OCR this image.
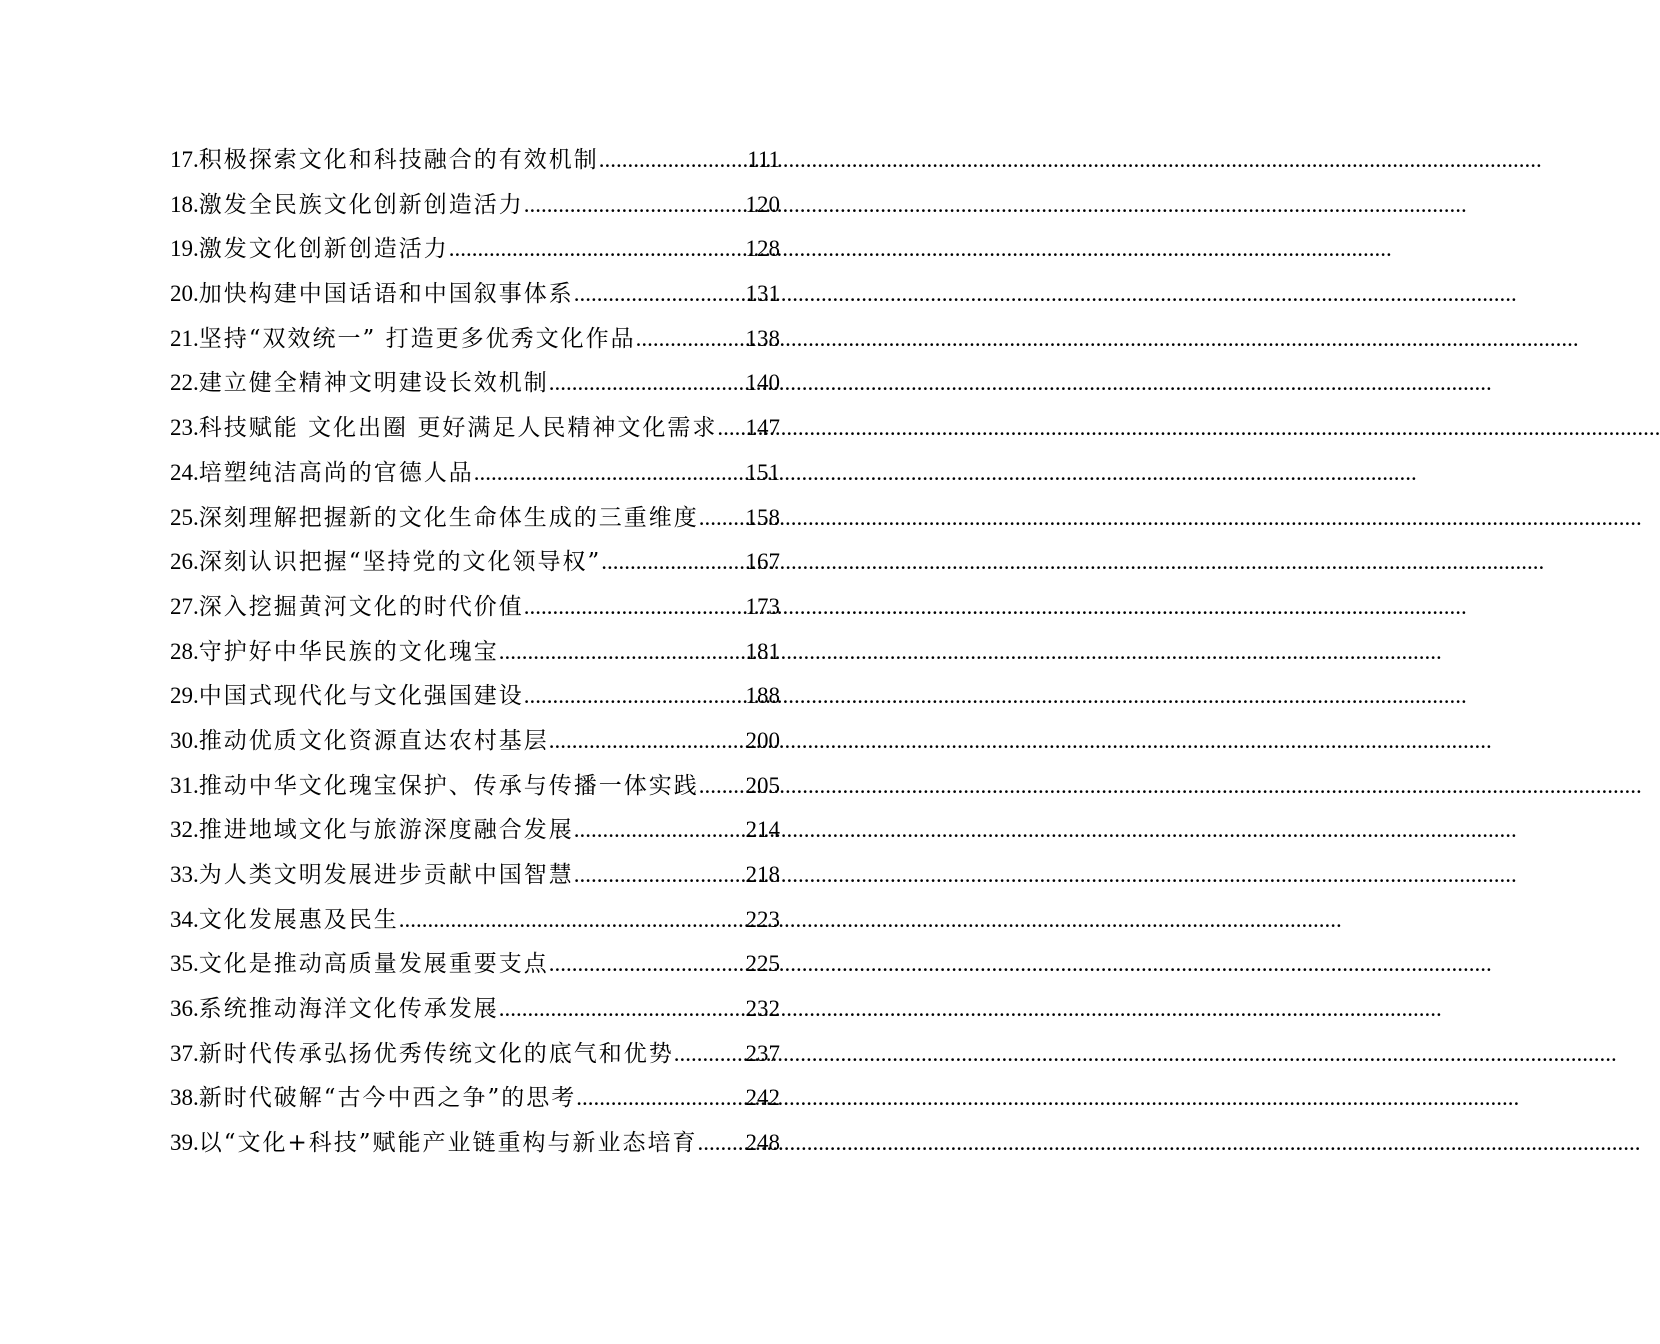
17. 积极探索文化和科技融合的有效机制 .....	111
18. 激发全民族文化创新创造活力 .....	120
19. 激发文化创新创造活力 .....	128
20. 加快构建中国话语和中国叙事体系 .....	131
21. 坚持“双效统一” 打造更多优秀文化作品 .....	138
22. 建立健全精神文明建设长效机制 .....	140
23. 科技赋能 文化出圈 更好满足人民精神文化需求 ..... 147
24. 培塑纯洁高尚的官德人品 .....	151
25. 深刻理解把握新的文化生命体生成的三重维度 ..... 158
26. 深刻认识把握“坚持党的文化领导权” .....	167
27. 深入挖掘黄河文化的时代价值 .....	173
28. 守护好中华民族的文化瑰宝 .....	181
29. 中国式现代化与文化强国建设 .....	188
30. 推动优质文化资源直达农村基层 .....	200
31. 推动中华文化瑰宝保护、传承与传播一体实践 ..... 205
32. 推进地域文化与旅游深度融合发展 .....	214
33. 为人类文明发展进步贡献中国智慧 .....	218
34. 文化发展惠及民生 .....	223
35. 文化是推动高质量发展重要支点 .....	225
36. 系统推动海洋文化传承发展 .....	232
37. 新时代传承弘扬优秀传统文化的底气和优势 .....	237
38. 新时代破解“古今中西之争”的思考 .....	242
39. 以“文化+科技”赋能产业链重构与新业态培育 ..... 248
